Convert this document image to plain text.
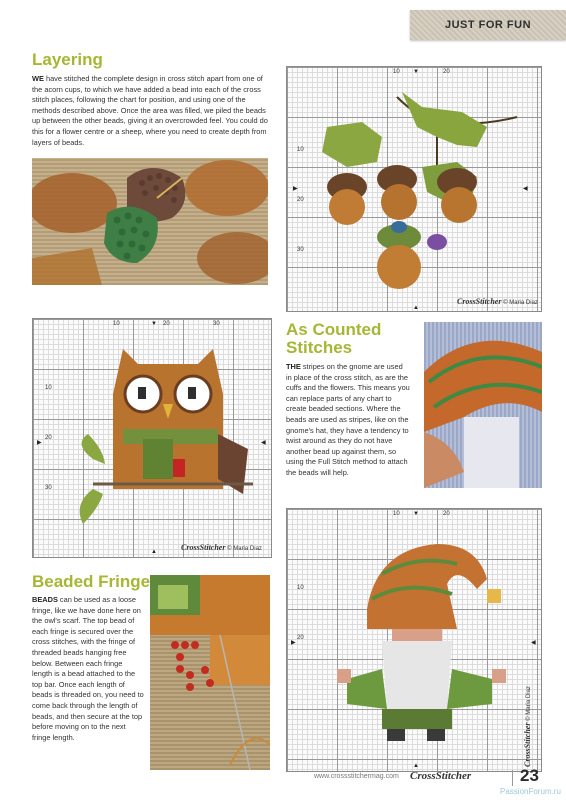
JUST FOR FUN
Layering

WE have stitched the complete design in cross stitch apart from one of the acorn cups, to which we have added a bead into each of the cross stitch places, following the chart for position, and using one of the methods described above. Once the area was filled, we piled the beads up between the other beads, giving it an overcrowded feel. You could do this for a flower centre or a sheep, where you need to create depth from layers of beads.

10	20
10
20
30
▼
▶	◀
▲
CrossStitcher © Maria Diaz
10	20	30
10
20
30
▼
▶	◀
▲	CrossStitcher © Maria Diaz
As Counted Stitches

THE stripes on the gnome are used in place of the cross stitch, as are the cuffs and the flowers. This means you can replace parts of any chart to create beaded sections. Where the beads are used as stripes, like on the gnome's hat, they have a tendency to twist around as they do not have another bead up against them, so using the Full Stitch method to attach the beads will help.

Beaded Fringe

BEADS can be used as a loose fringe, like we have done here on the owl's scarf. The top bead of each fringe is secured over the cross stitches, with the fringe of threaded beads hanging free below. Between each fringe length is a bead attached to the top bar. Once each length of beads is threaded on, you need to come back through the length of beads, and then secure at the top before moving on to the next fringe length.

10	20
10
20
▼
▶	◀
▲	CrossStitcher © Maria Diaz
www.crossstitchermag.com CrossStitcher	23
PassionForum.ru
